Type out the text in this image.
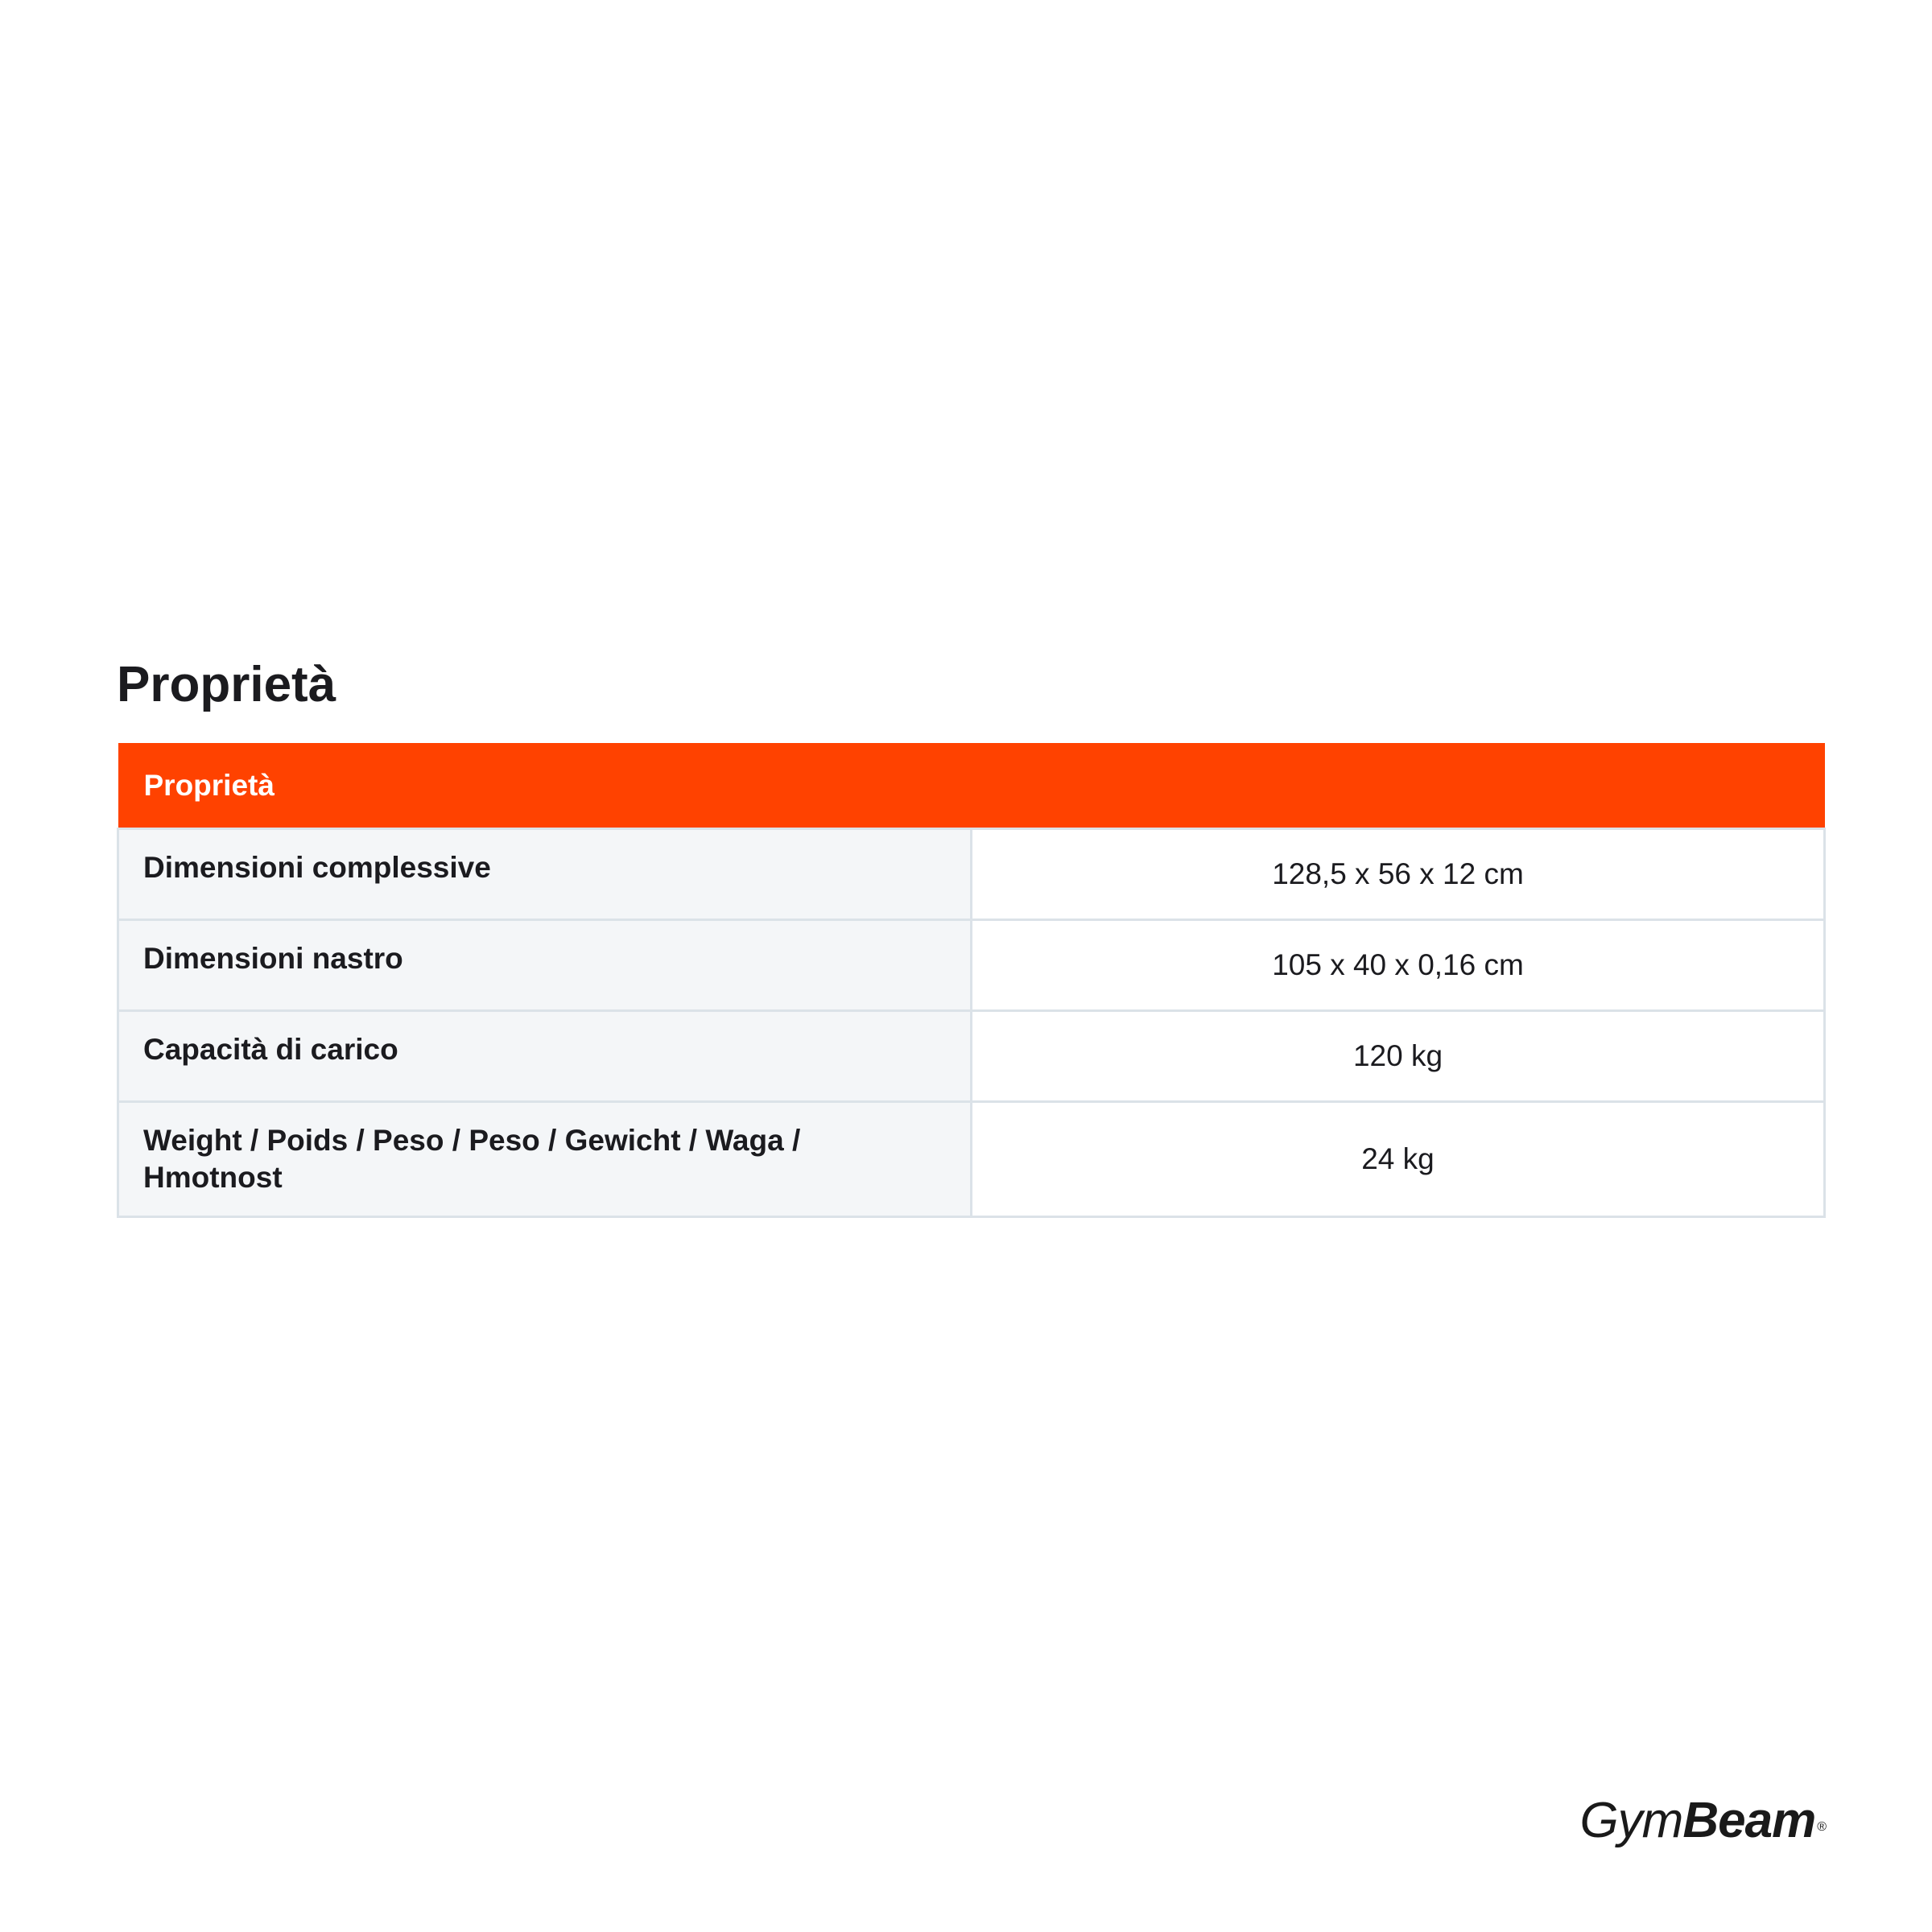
Proprietà
Proprietà	
Dimensioni complessive	128,5 x 56 x 12 cm
Dimensioni nastro	105 x 40 x 0,16 cm
Capacità di carico	120 kg
Weight / Poids / Peso / Peso / Gewicht / Waga / Hmotnost	24 kg
GymBeam ®
